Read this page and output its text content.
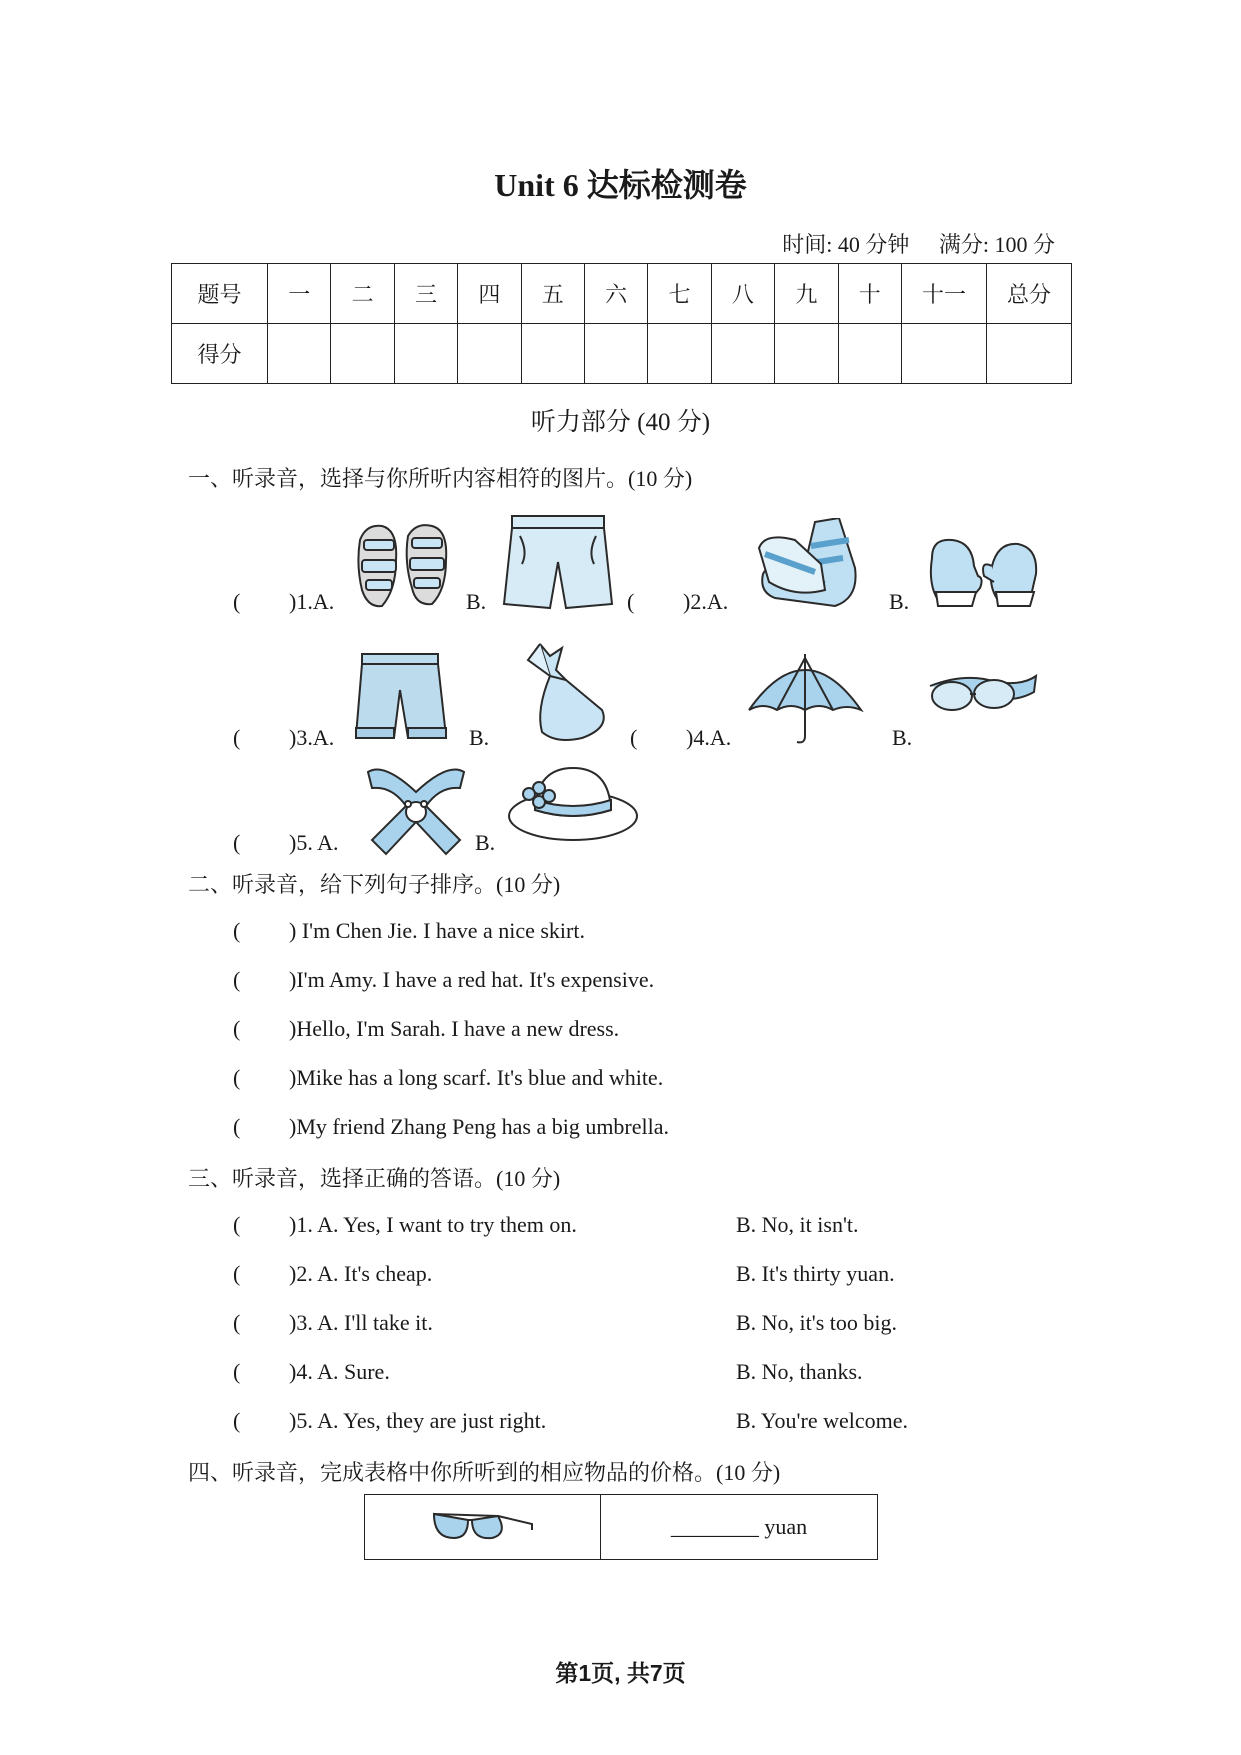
Unit 6 达标检测卷
时间: 40 分钟 满分: 100 分
题号	一	二	三	四	五	六	七	八	九	十	十一	总分
得分												
听力部分 (40 分)
一、听录音，选择与你所听内容相符的图片。(10 分)
( )1.A.	B.	( )2.A.	B.
( )3.A.	B.	( )4.A.	B.
( )5. A.	B.
二、听录音，给下列句子排序。(10 分)
( ) I'm Chen Jie. I have a nice skirt.
( )I'm Amy. I have a red hat. It's expensive.
( )Hello, I'm Sarah. I have a new dress.
( )Mike has a long scarf. It's blue and white.
( )My friend Zhang Peng has a big umbrella.
三、听录音，选择正确的答语。(10 分)
( )1. A. Yes, I want to try them on.	B. No, it isn't.
( )2. A. It's cheap.	B. It's thirty yuan.
( )3. A. I'll take it.	B. No, it's too big.
( )4. A. Sure.	B. No, thanks.
( )5. A. Yes, they are just right.	B. You're welcome.
四、听录音，完成表格中你所听到的相应物品的价格。(10 分)
	________ yuan
第1页, 共7页
